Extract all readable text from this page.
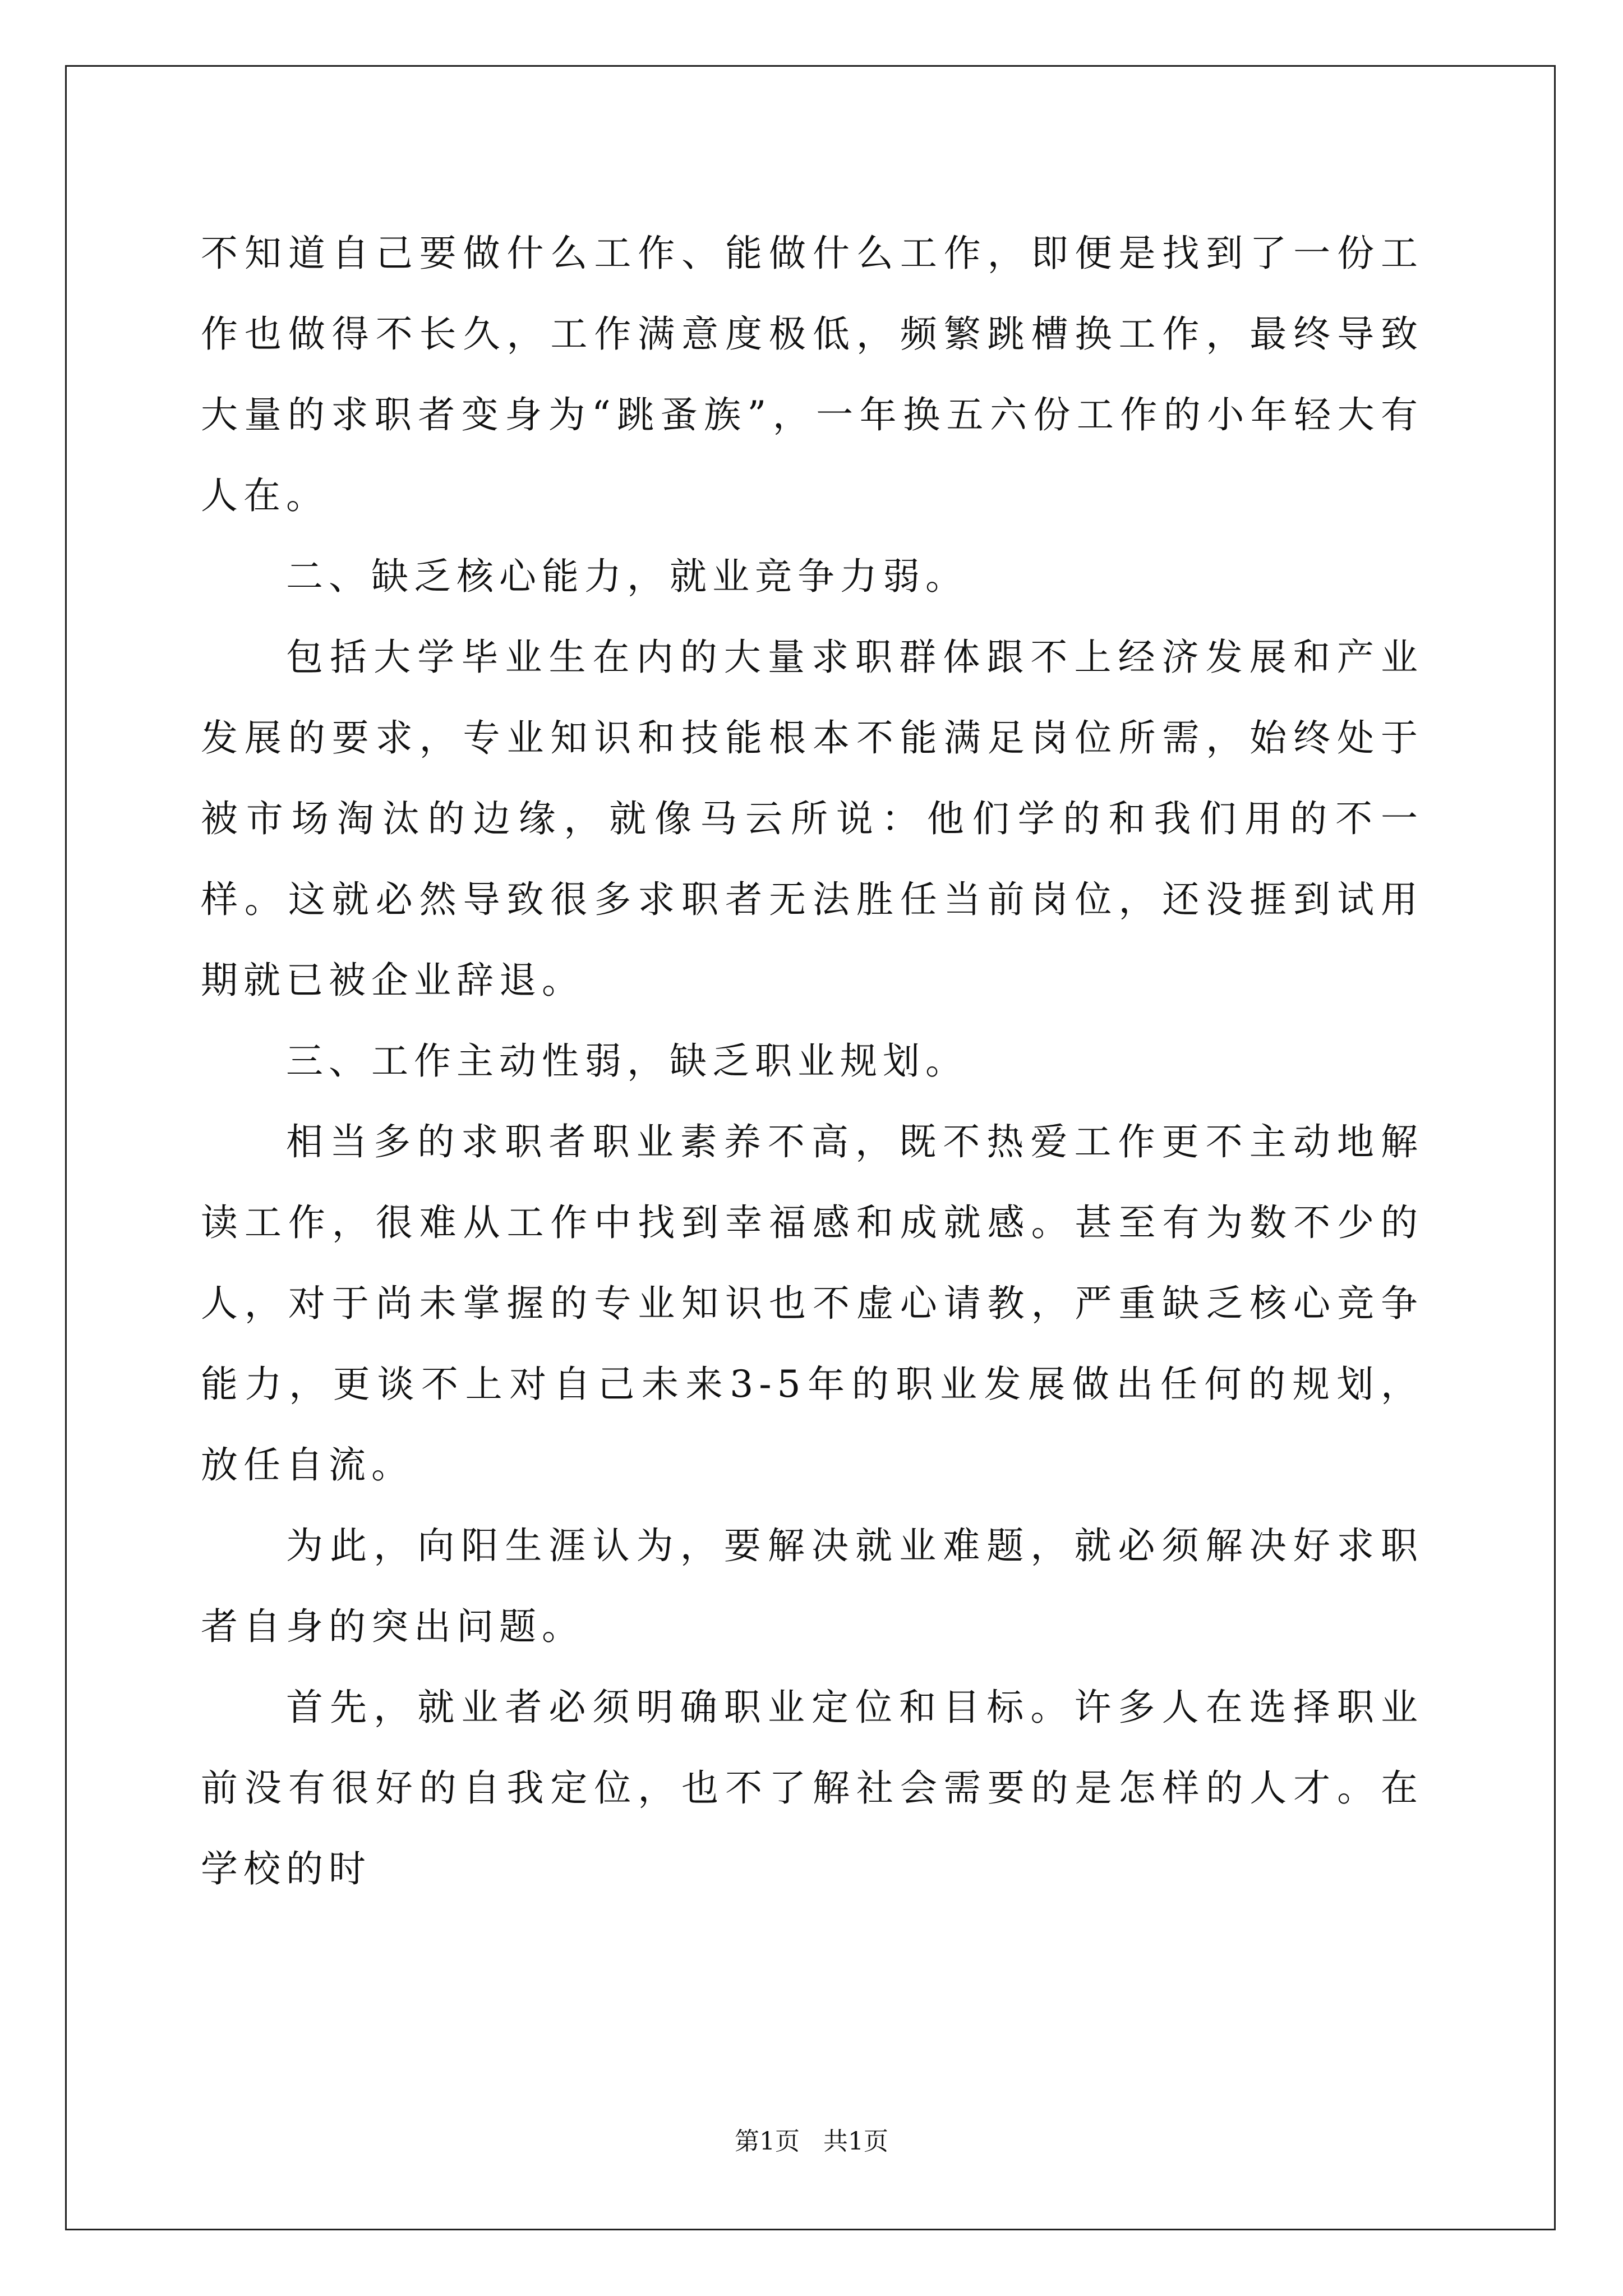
不知道自己要做什么工作、能做什么工作，即便是找到了一份工作也做得不长久，工作满意度极低，频繁跳槽换工作，最终导致大量的求职者变身为“跳蚤族”，一年换五六份工作的小年轻大有人在。

二、缺乏核心能力，就业竞争力弱。

包括大学毕业生在内的大量求职群体跟不上经济发展和产业发展的要求，专业知识和技能根本不能满足岗位所需，始终处于被市场淘汰的边缘，就像马云所说：他们学的和我们用的不一样。这就必然导致很多求职者无法胜任当前岗位，还没捱到试用期就已被企业辞退。

三、工作主动性弱，缺乏职业规划。

相当多的求职者职业素养不高，既不热爱工作更不主动地解读工作，很难从工作中找到幸福感和成就感。甚至有为数不少的人，对于尚未掌握的专业知识也不虚心请教，严重缺乏核心竞争能力，更谈不上对自己未来3-5年的职业发展做出任何的规划，放任自流。

为此，向阳生涯认为，要解决就业难题，就必须解决好求职者自身的突出问题。

首先，就业者必须明确职业定位和目标。许多人在选择职业前没有很好的自我定位，也不了解社会需要的是怎样的人才。在学校的时

第1页   共1页
